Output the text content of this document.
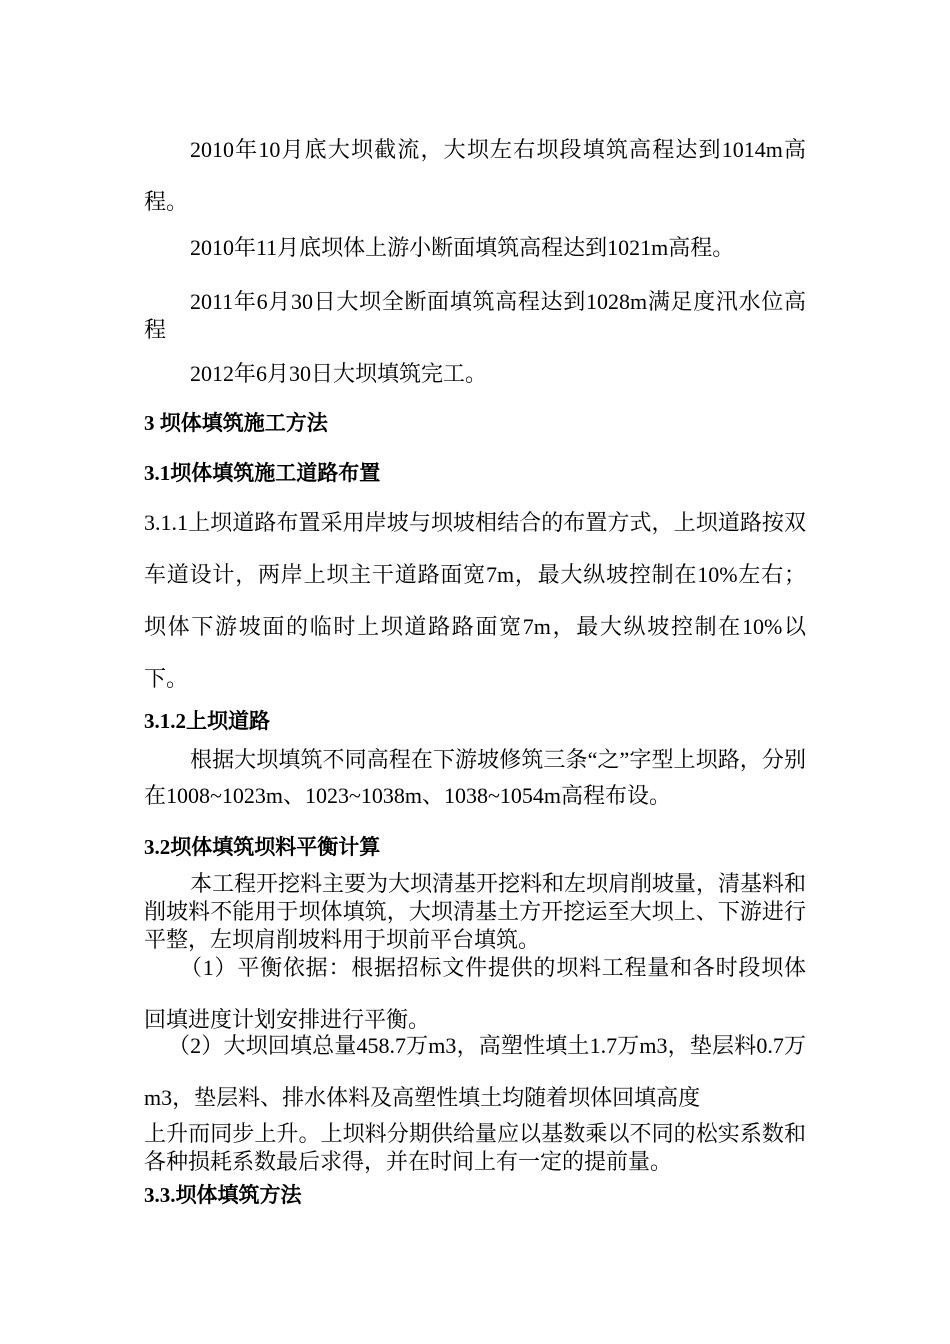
2010年10月底大坝截流，大坝左右坝段填筑高程达到1014m高程。

2010年11月底坝体上游小断面填筑高程达到1021m高程。

2011年6月30日大坝全断面填筑高程达到1028m满足度汛水位高程

2012年6月30日大坝填筑完工。

3 坝体填筑施工方法
3.1坝体填筑施工道路布置

3.1.1上坝道路布置采用岸坡与坝坡相结合的布置方式，上坝道路按双车道设计，两岸上坝主干道路面宽7m，最大纵坡控制在10%左右；坝体下游坡面的临时上坝道路路面宽7m，最大纵坡控制在10%以下。

3.1.2上坝道路

根据大坝填筑不同高程在下游坡修筑三条“之”字型上坝路，分别在1008~1023m、1023~1038m、1038~1054m高程布设。

3.2坝体填筑坝料平衡计算

本工程开挖料主要为大坝清基开挖料和左坝肩削坡量，清基料和削坡料不能用于坝体填筑，大坝清基土方开挖运至大坝上、下游进行平整，左坝肩削坡料用于坝前平台填筑。

（1）平衡依据：根据招标文件提供的坝料工程量和各时段坝体回填进度计划安排进行平衡。

（2）大坝回填总量458.7万m3，高塑性填土1.7万m3，垫层料0.7万m3，垫层料、排水体料及高塑性填土均随着坝体回填高度

上升而同步上升。上坝料分期供给量应以基数乘以不同的松实系数和各种损耗系数最后求得，并在时间上有一定的提前量。

3.3.坝体填筑方法
